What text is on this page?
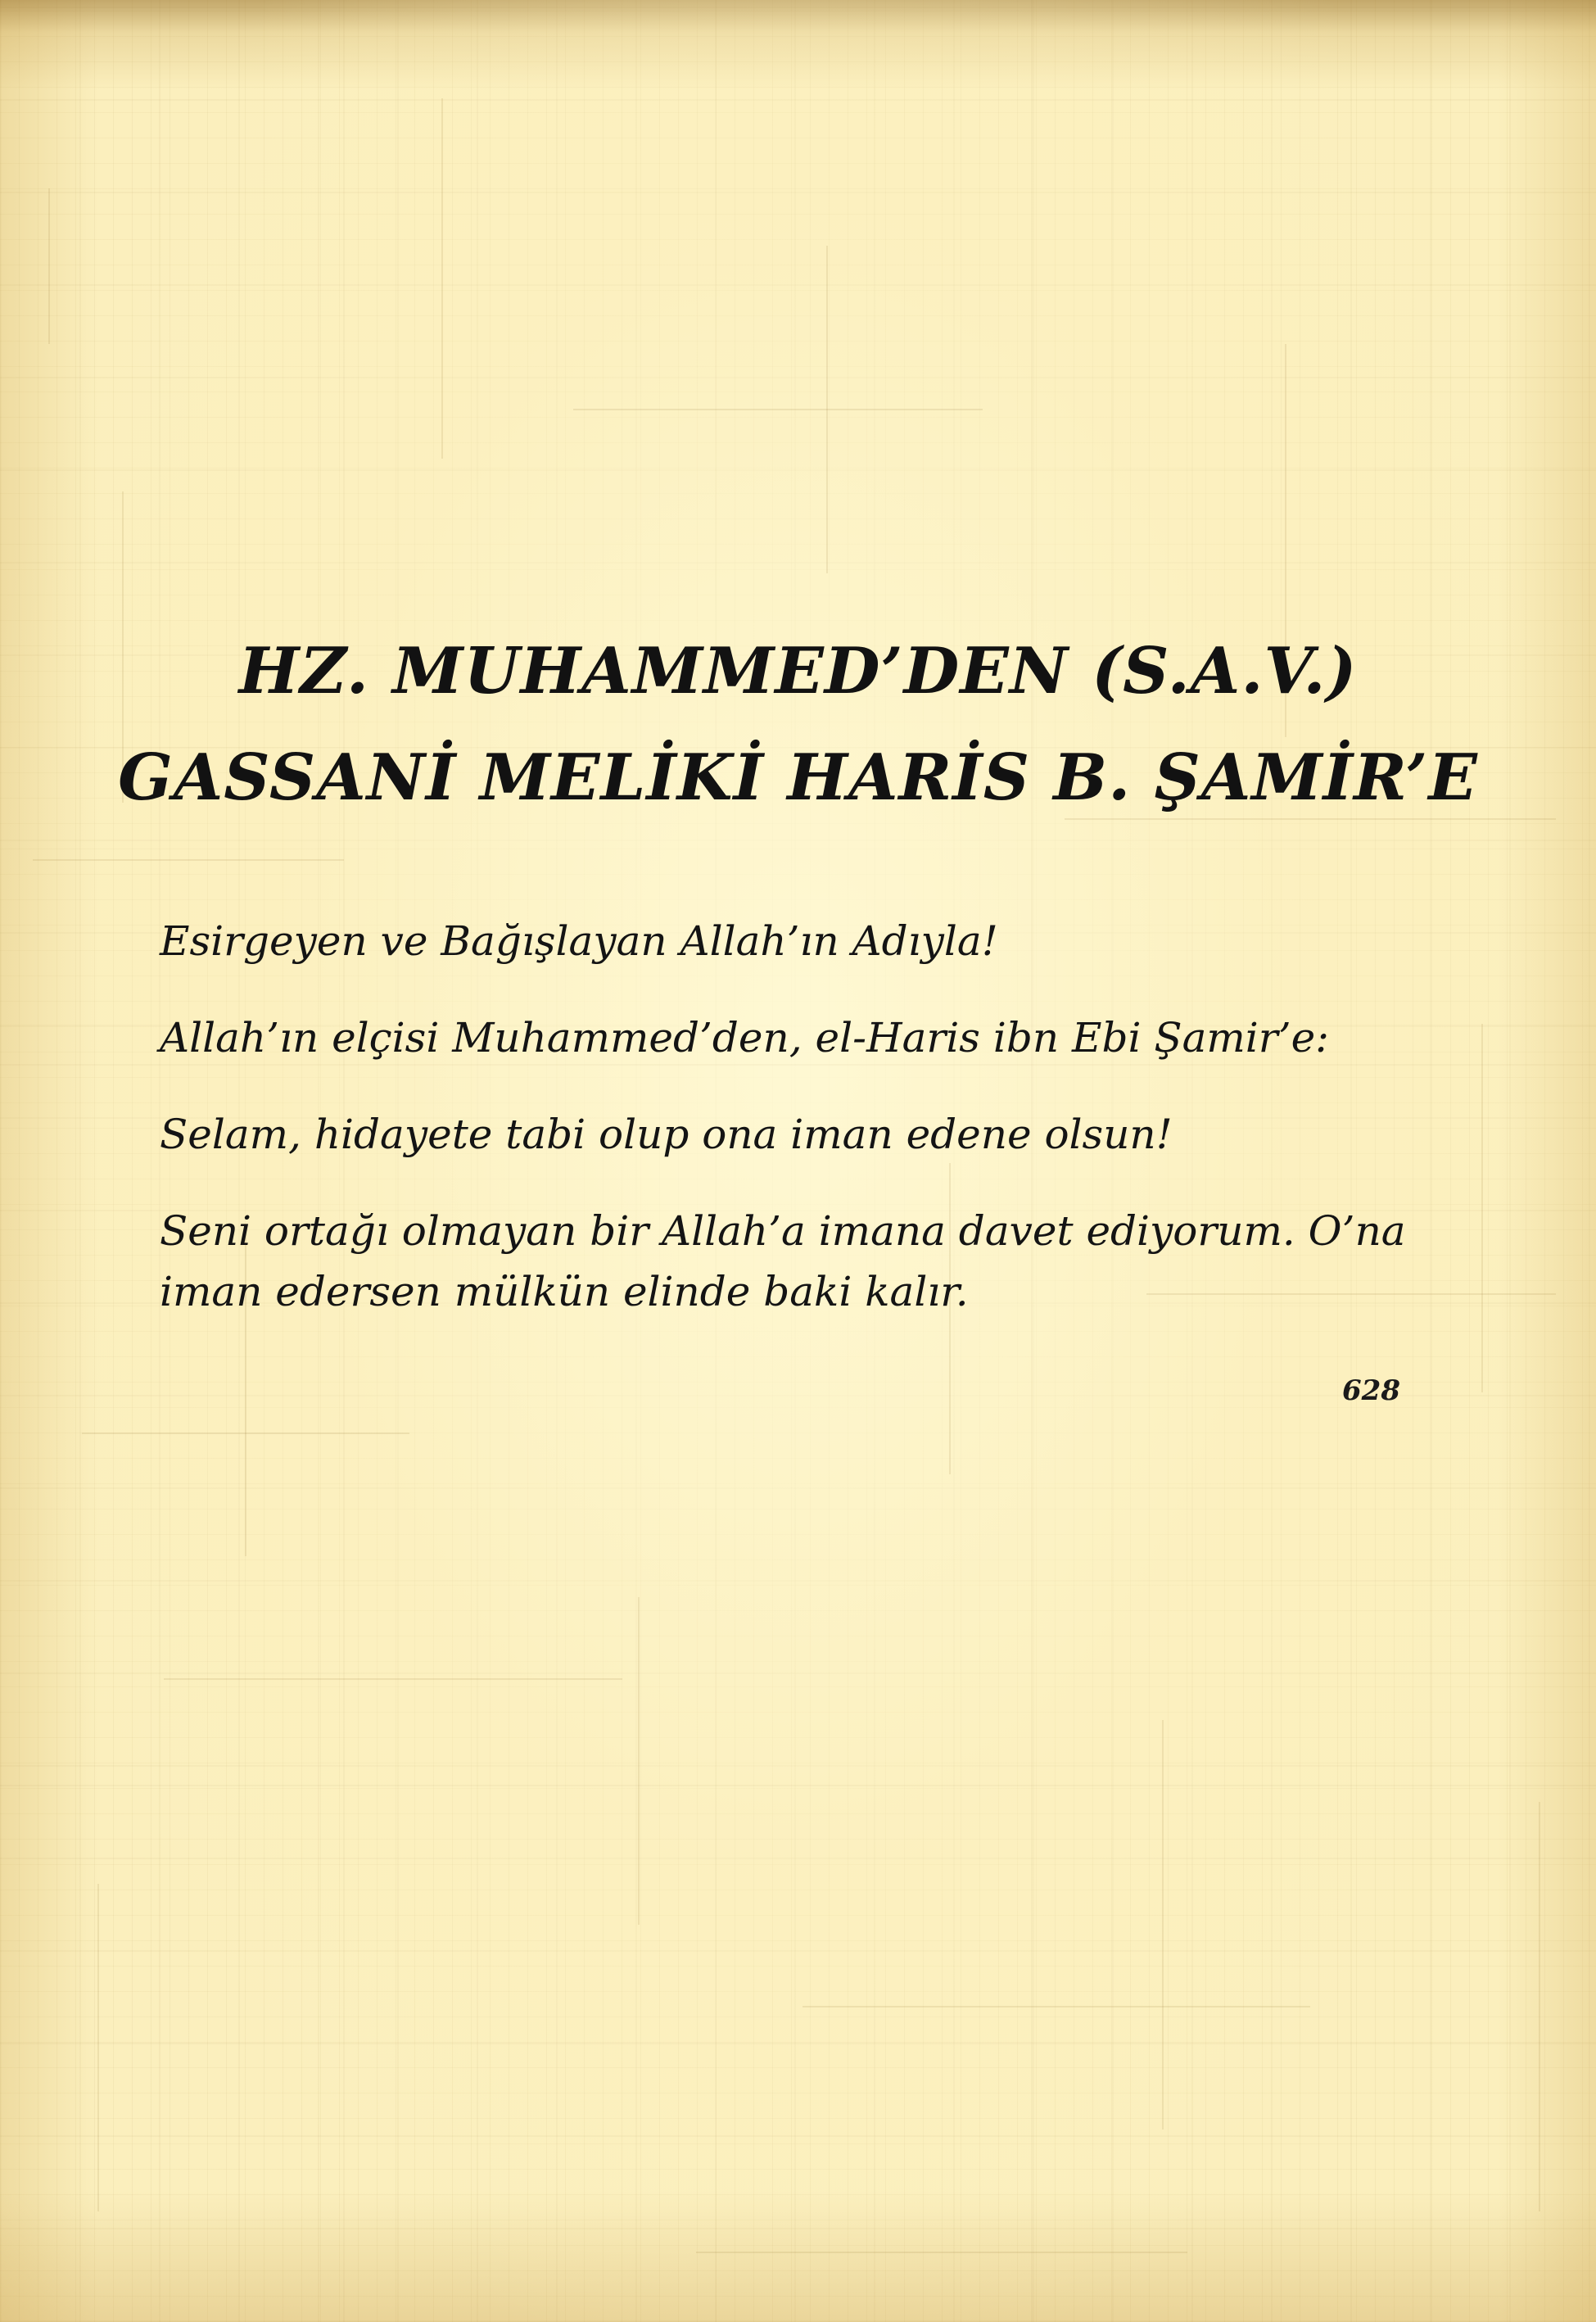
HZ. MUHAMMED’DEN (S.A.V.)
GASSANİ MELİKİ HARİS B. ŞAMİR’E

Esirgeyen ve Bağışlayan Allah’ın Adıyla!

Allah’ın elçisi Muhammed’den, el-Haris ibn Ebi Şamir’e:

Selam, hidayete tabi olup ona iman edene olsun!

Seni ortağı olmayan bir Allah’a imana davet ediyorum. O’na iman edersen mülkün elinde baki kalır.

628
